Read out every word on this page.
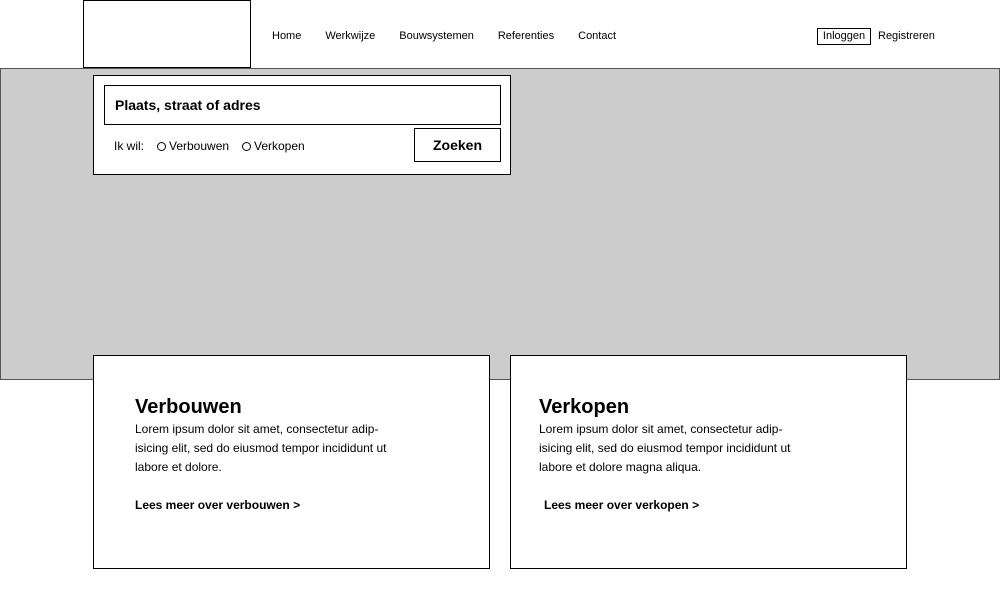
Home Werkwijze Bouwsystemen Referenties Contact	Inloggen	Registreren
Plaats, straat of adres
Ik wil: Verbouwen Verkopen	Zoeken
Verbouwen

Lorem ipsum dolor sit amet, consectetur adip-isicing elit, sed do eiusmod tempor incididunt ut labore et dolore.

Lees meer over verbouwen >
Verkopen

Lorem ipsum dolor sit amet, consectetur adip-isicing elit, sed do eiusmod tempor incididunt ut labore et dolore magna aliqua.

Lees meer over verkopen >
